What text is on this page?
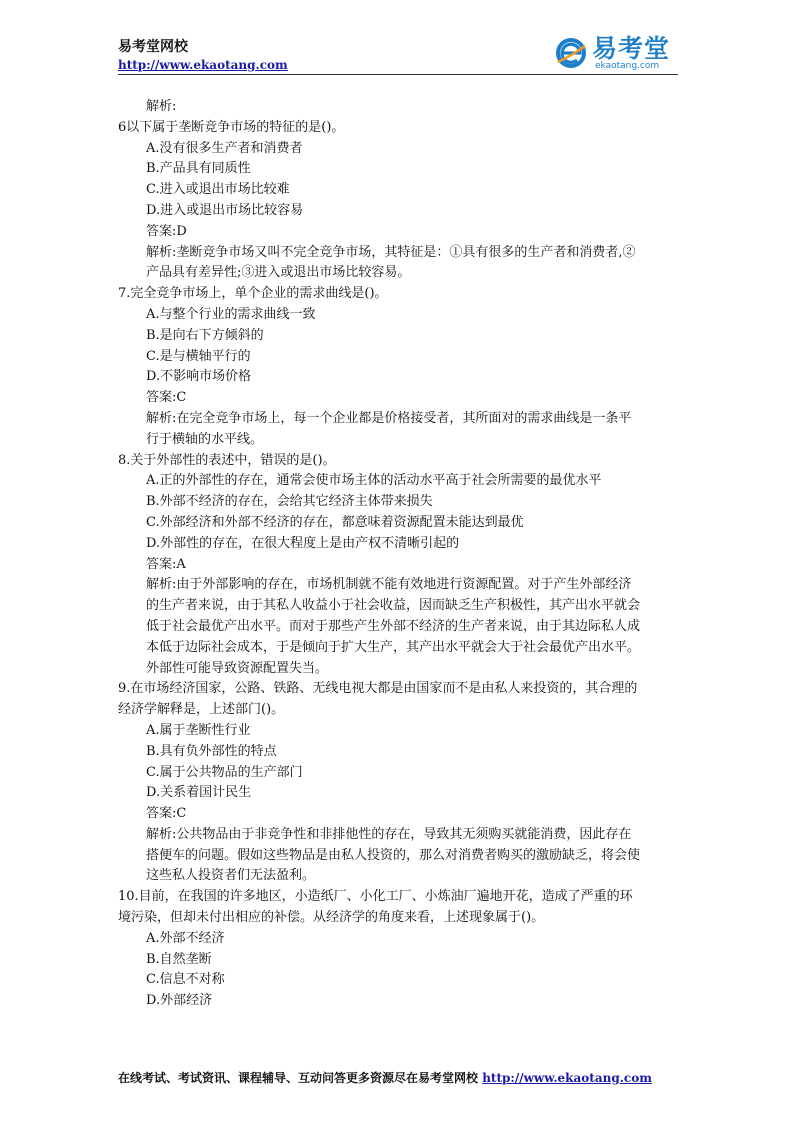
易考堂网校
http://www.ekaotang.com
易考堂
ekaotang.com
解析:
6以下属于垄断竞争市场的特征的是()。
A.没有很多生产者和消费者
B.产品具有同质性
C.进入或退出市场比较难
D.进入或退出市场比较容易
答案:D
解析:垄断竞争市场又叫不完全竞争市场，其特征是：①具有很多的生产者和消费者,②
产品具有差异性;③进入或退出市场比较容易。
7.完全竞争市场上，单个企业的需求曲线是()。
A.与整个行业的需求曲线一致
B.是向右下方倾斜的
C.是与横轴平行的
D.不影响市场价格
答案:C
解析:在完全竞争市场上，每一个企业都是价格接受者，其所面对的需求曲线是一条平
行于横轴的水平线。
8.关于外部性的表述中，错误的是()。
A.正的外部性的存在，通常会使市场主体的活动水平高于社会所需要的最优水平
B.外部不经济的存在，会给其它经济主体带来损失
C.外部经济和外部不经济的存在，都意味着资源配置未能达到最优
D.外部性的存在，在很大程度上是由产权不清晰引起的
答案:A
解析:由于外部影响的存在，市场机制就不能有效地进行资源配置。对于产生外部经济
的生产者来说，由于其私人收益小于社会收益，因而缺乏生产积极性，其产出水平就会
低于社会最优产出水平。而对于那些产生外部不经济的生产者来说，由于其边际私人成
本低于边际社会成本，于是倾向于扩大生产，其产出水平就会大于社会最优产出水平。
外部性可能导致资源配置失当。
9.在市场经济国家，公路、铁路、无线电视大都是由国家而不是由私人来投资的，其合理的
经济学解释是，上述部门()。
A.属于垄断性行业
B.具有负外部性的特点
C.属于公共物品的生产部门
D.关系着国计民生
答案:C
解析:公共物品由于非竞争性和非排他性的存在，导致其无须购买就能消费，因此存在
搭便车的问题。假如这些物品是由私人投资的，那么对消费者购买的激励缺乏，将会使
这些私人投资者们无法盈利。
10.目前，在我国的许多地区，小造纸厂、小化工厂、小炼油厂遍地开花，造成了严重的环
境污染，但却未付出相应的补偿。从经济学的角度来看，上述现象属于()。
A.外部不经济
B.自然垄断
C.信息不对称
D.外部经济
在线考试、考试资讯、课程辅导、互动问答更多资源尽在易考堂网校 http://www.ekaotang.com
